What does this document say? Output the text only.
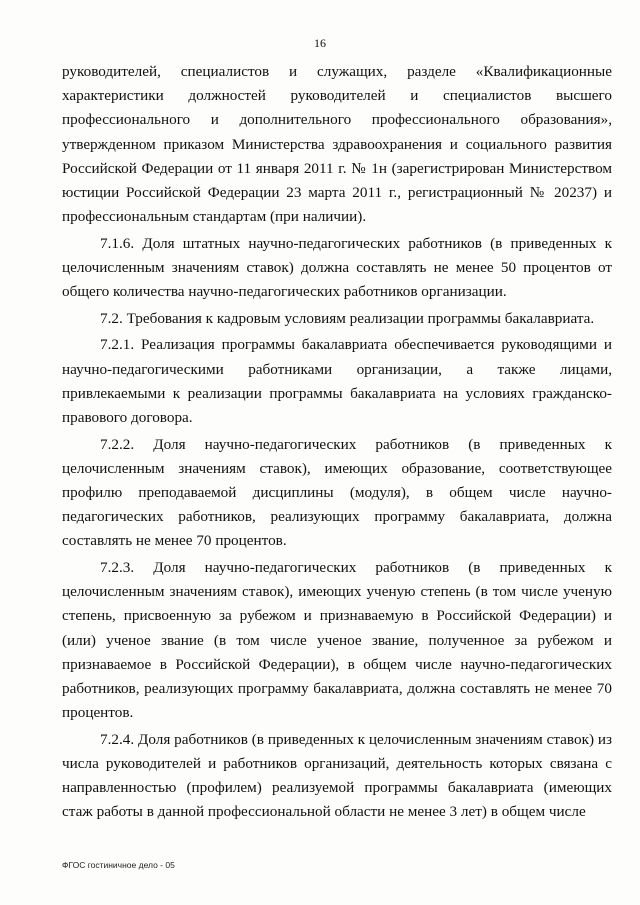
16

руководителей, специалистов и служащих, разделе «Квалификационные характеристики должностей руководителей и специалистов высшего профессионального и дополнительного профессионального образования», утвержденном приказом Министерства здравоохранения и социального развития Российской Федерации от 11 января 2011 г. № 1н (зарегистрирован Министерством юстиции Российской Федерации 23 марта 2011 г., регистрационный № 20237) и профессиональным стандартам (при наличии).

7.1.6. Доля штатных научно-педагогических работников (в приведенных к целочисленным значениям ставок) должна составлять не менее 50 процентов от общего количества научно-педагогических работников организации.

7.2. Требования к кадровым условиям реализации программы бакалавриата.

7.2.1. Реализация программы бакалавриата обеспечивается руководящими и научно-педагогическими работниками организации, а также лицами, привлекаемыми к реализации программы бакалавриата на условиях гражданско-правового договора.

7.2.2. Доля научно-педагогических работников (в приведенных к целочисленным значениям ставок), имеющих образование, соответствующее профилю преподаваемой дисциплины (модуля), в общем числе научно-педагогических работников, реализующих программу бакалавриата, должна составлять не менее 70 процентов.

7.2.3. Доля научно-педагогических работников (в приведенных к целочисленным значениям ставок), имеющих ученую степень (в том числе ученую степень, присвоенную за рубежом и признаваемую в Российской Федерации) и (или) ученое звание (в том числе ученое звание, полученное за рубежом и признаваемое в Российской Федерации), в общем числе научно-педагогических работников, реализующих программу бакалавриата, должна составлять не менее 70 процентов.

7.2.4. Доля работников (в приведенных к целочисленным значениям ставок) из числа руководителей и работников организаций, деятельность которых связана с направленностью (профилем) реализуемой программы бакалавриата (имеющих стаж работы в данной профессиональной области не менее 3 лет) в общем числе

ФГОС гостиничное дело - 05
